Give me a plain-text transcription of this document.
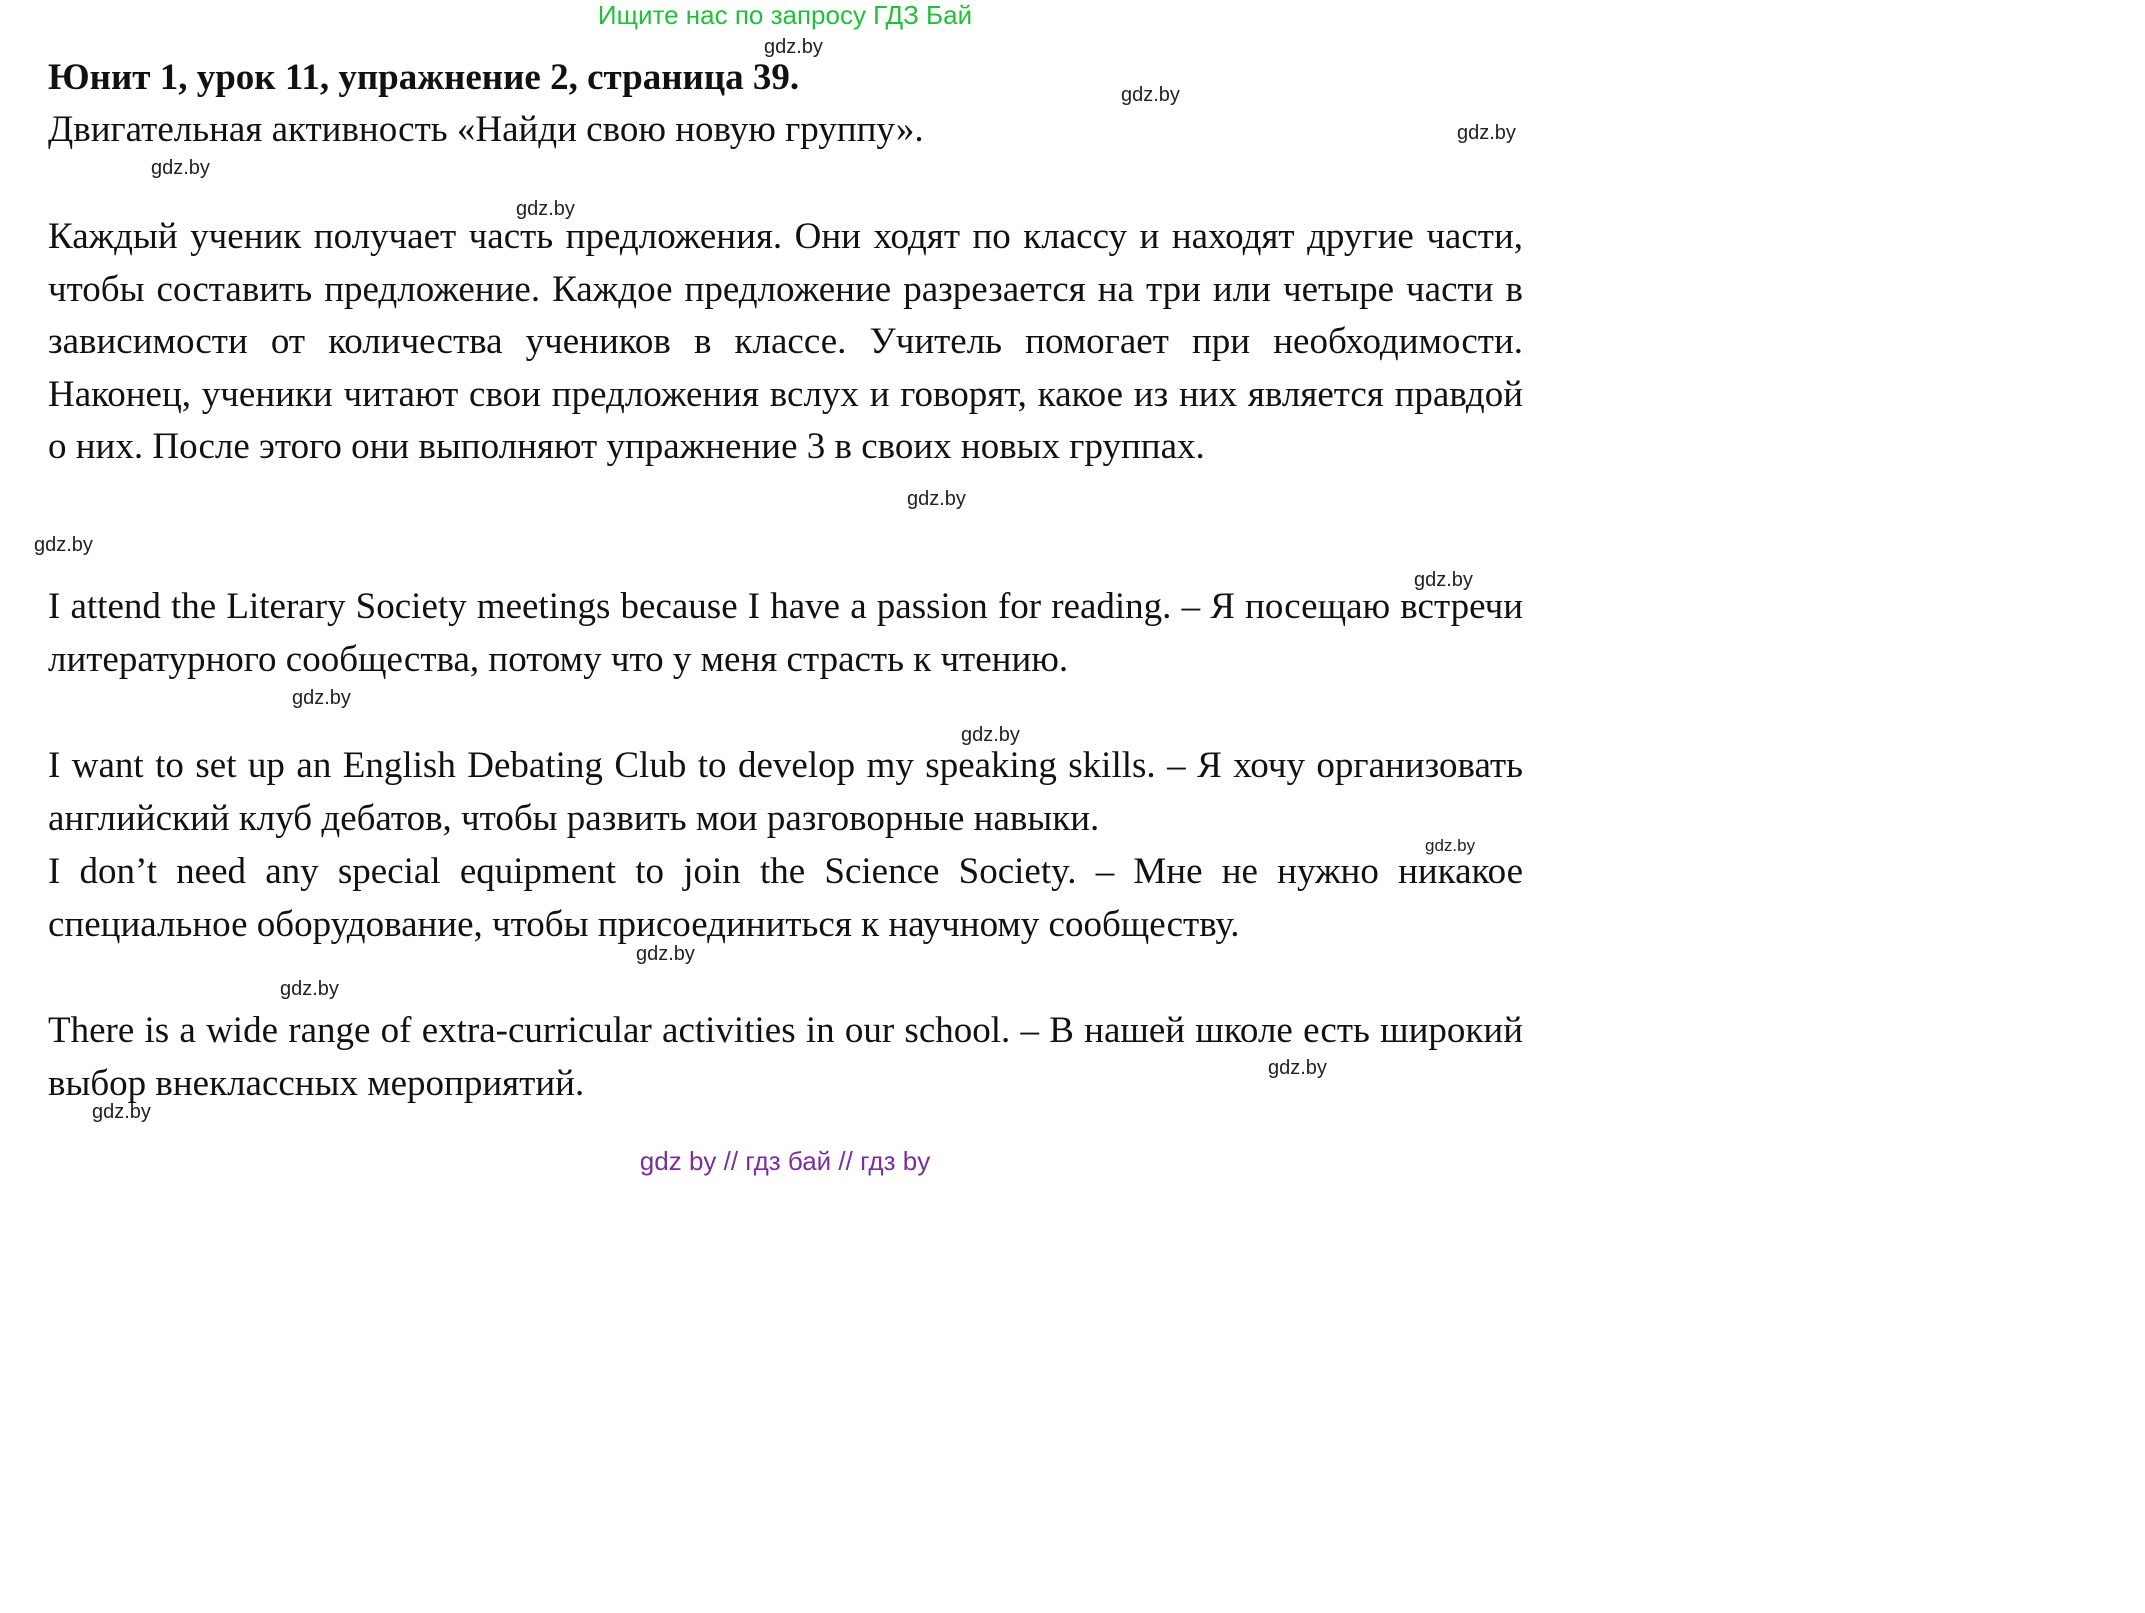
Ищите нас по запросу ГДЗ Бай
Юнит 1, урок 11, упражнение 2, страница 39.
Двигательная активность «Найди свою новую группу».
Каждый ученик получает часть предложения. Они ходят по классу и находят другие части, чтобы составить предложение. Каждое предложение разрезается на три или четыре части в зависимости от количества учеников в классе. Учитель помогает при необходимости. Наконец, ученики читают свои предложения вслух и говорят, какое из них является правдой о них. После этого они выполняют упражнение 3 в своих новых группах.
I attend the Literary Society meetings because I have a passion for reading. – Я посещаю встречи литературного сообщества, потому что у меня страсть к чтению.
I want to set up an English Debating Club to develop my speaking skills. – Я хочу организовать английский клуб дебатов, чтобы развить мои разговорные навыки.
I don’t need any special equipment to join the Science Society. – Мне не нужно никакое специальное оборудование, чтобы присоединиться к научному сообществу.
There is a wide range of extra-curricular activities in our school. – В нашей школе есть широкий выбор внеклассных мероприятий.
gdz.by
gdz.by
gdz.by
gdz.by
gdz.by
gdz.by
gdz.by
gdz.by
gdz.by
gdz.by
gdz.by
gdz.by
gdz.by
gdz.by
gdz.by
gdz by // гдз бай // гдз by
